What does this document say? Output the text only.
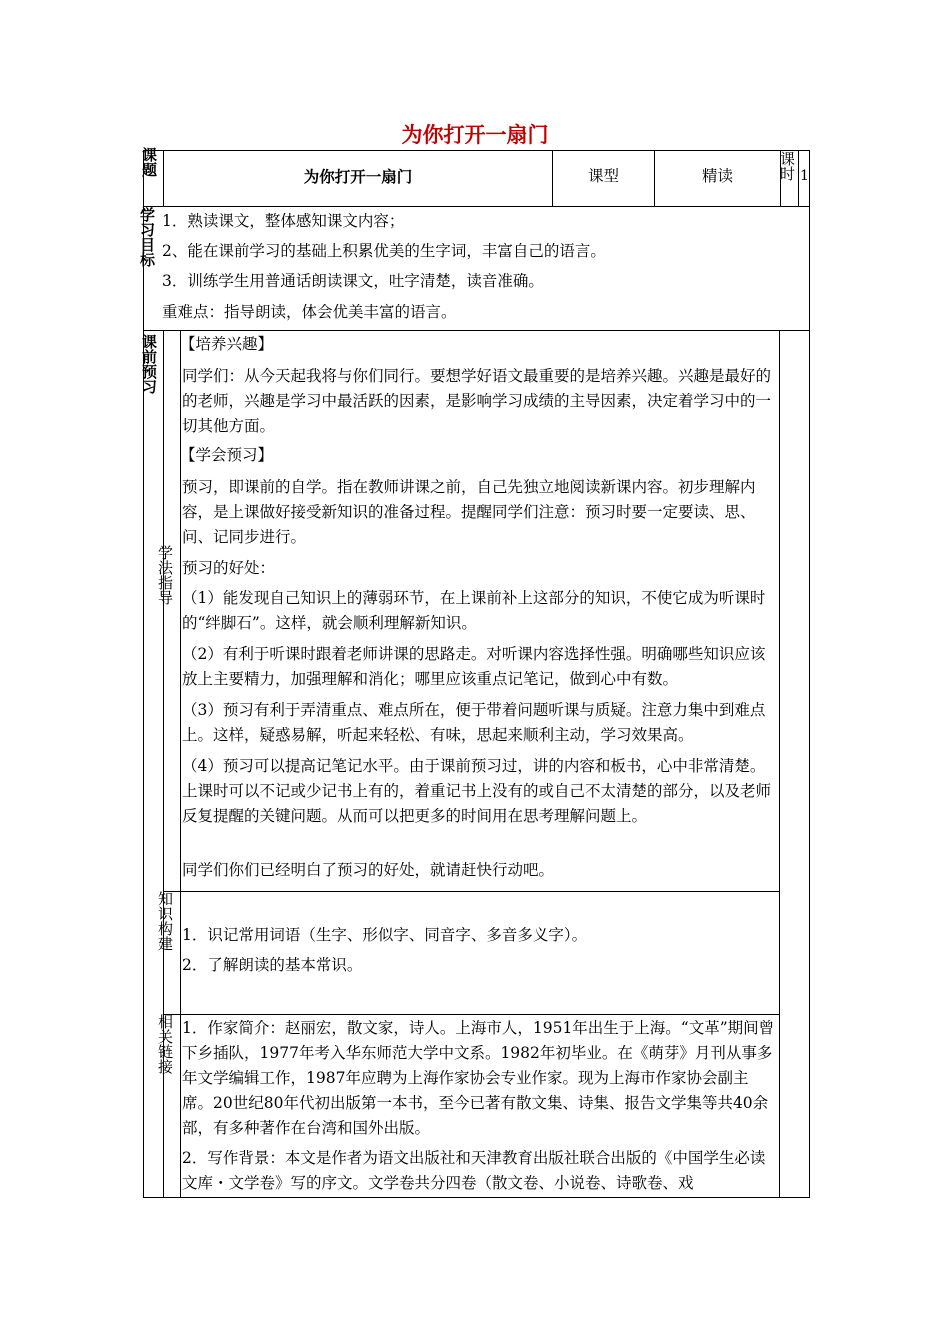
为你打开一扇门
课题	为你打开一扇门	课型	精读	课时 1
学习目标 1．熟读课文，整体感知课文内容；
2、能在课前学习的基础上积累优美的生字词，丰富自己的语言。
3．训练学生用普通话朗读课文，吐字清楚，读音准确。
重难点：指导朗读，体会优美丰富的语言。
课前预习
学法指导
【培养兴趣】
同学们：从今天起我将与你们同行。要想学好语文最重要的是培养兴趣。兴趣是最好的的老师，兴趣是学习中最活跃的因素，是影响学习成绩的主导因素，决定着学习中的一切其他方面。
【学会预习】
预习，即课前的自学。指在教师讲课之前，自己先独立地阅读新课内容。初步理解内容，是上课做好接受新知识的准备过程。提醒同学们注意：预习时要一定要读、思、问、记同步进行。
预习的好处：
（1）能发现自己知识上的薄弱环节，在上课前补上这部分的知识，不使它成为听课时的“绊脚石”。这样，就会顺利理解新知识。
（2）有利于听课时跟着老师讲课的思路走。对听课内容选择性强。明确哪些知识应该放上主要精力，加强理解和消化；哪里应该重点记笔记，做到心中有数。
（3）预习有利于弄清重点、难点所在，便于带着问题听课与质疑。注意力集中到难点上。这样，疑惑易解，听起来轻松、有味，思起来顺利主动，学习效果高。
（4）预习可以提高记笔记水平。由于课前预习过，讲的内容和板书，心中非常清楚。上课时可以不记或少记书上有的，着重记书上没有的或自己不太清楚的部分，以及老师反复提醒的关键问题。从而可以把更多的时间用在思考理解问题上。
同学们你们已经明白了预习的好处，就请赶快行动吧。
知识构建 1．识记常用词语（生字、形似字、同音字、多音多义字）。
2．了解朗读的基本常识。
相关链接 1．作家简介：赵丽宏，散文家，诗人。上海市人，1951年出生于上海。“文革”期间曾下乡插队，1977年考入华东师范大学中文系。1982年初毕业。在《萌芽》月刊从事多年文学编辑工作，1987年应聘为上海作家协会专业作家。现为上海市作家协会副主席。20世纪80年代初出版第一本书，至今已著有散文集、诗集、报告文学集等共40余部，有多种著作在台湾和国外出版。
2．写作背景：本文是作者为语文出版社和天津教育出版社联合出版的《中国学生必读文库・文学卷》写的序文。文学卷共分四卷（散文卷、小说卷、诗歌卷、戏
